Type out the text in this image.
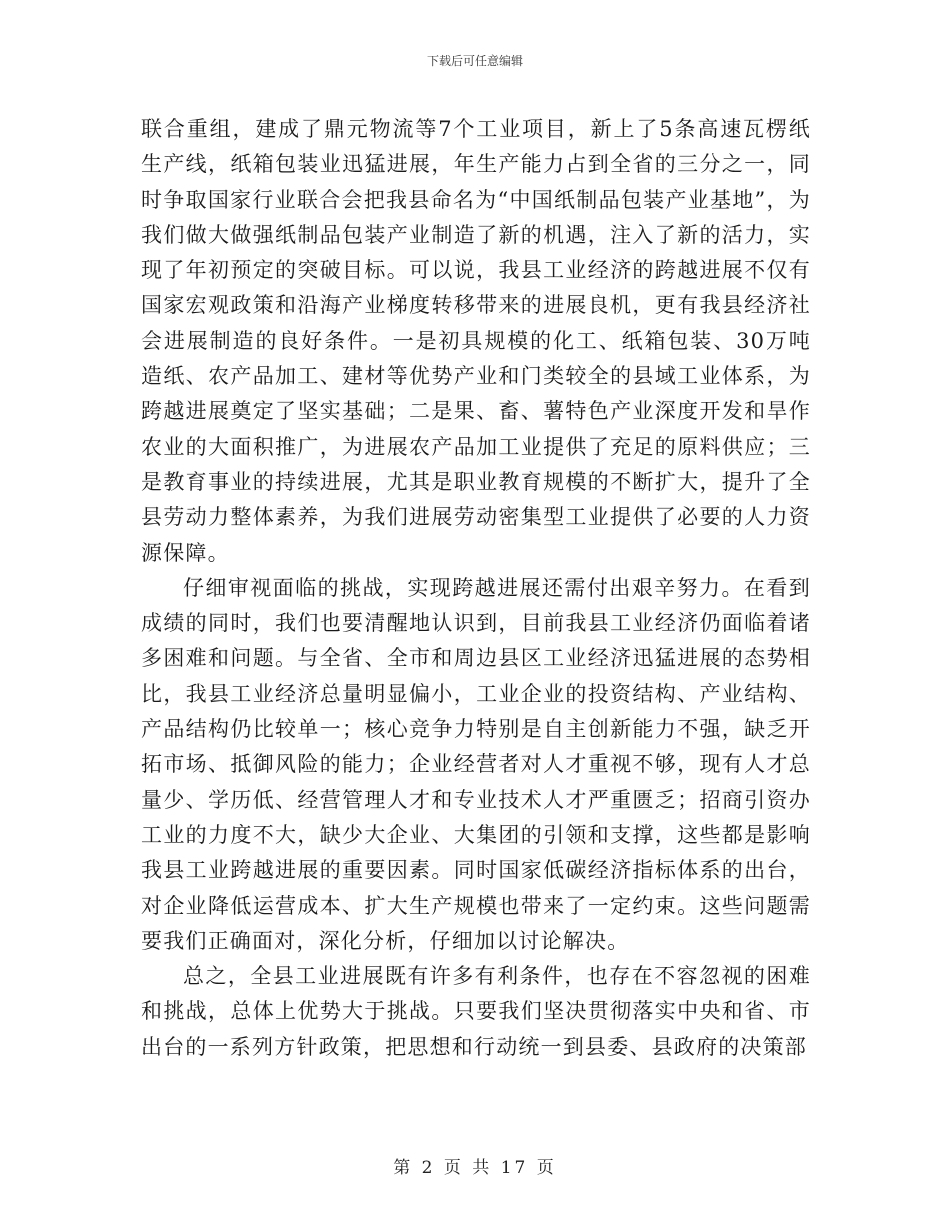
下载后可任意编辑

联合重组，建成了鼎元物流等7个工业项目，新上了5条高速瓦楞纸生产线，纸箱包装业迅猛进展，年生产能力占到全省的三分之一，同时争取国家行业联合会把我县命名为“中国纸制品包装产业基地”，为我们做大做强纸制品包装产业制造了新的机遇，注入了新的活力，实现了年初预定的突破目标。可以说，我县工业经济的跨越进展不仅有国家宏观政策和沿海产业梯度转移带来的进展良机，更有我县经济社会进展制造的良好条件。一是初具规模的化工、纸箱包装、30万吨造纸、农产品加工、建材等优势产业和门类较全的县域工业体系，为跨越进展奠定了坚实基础；二是果、畜、薯特色产业深度开发和旱作农业的大面积推广，为进展农产品加工业提供了充足的原料供应；三是教育事业的持续进展，尤其是职业教育规模的不断扩大，提升了全县劳动力整体素养，为我们进展劳动密集型工业提供了必要的人力资源保障。

仔细审视面临的挑战，实现跨越进展还需付出艰辛努力。在看到成绩的同时，我们也要清醒地认识到，目前我县工业经济仍面临着诸多困难和问题。与全省、全市和周边县区工业经济迅猛进展的态势相比，我县工业经济总量明显偏小，工业企业的投资结构、产业结构、产品结构仍比较单一；核心竞争力特别是自主创新能力不强，缺乏开拓市场、抵御风险的能力；企业经营者对人才重视不够，现有人才总量少、学历低、经营管理人才和专业技术人才严重匮乏；招商引资办工业的力度不大，缺少大企业、大集团的引领和支撑，这些都是影响我县工业跨越进展的重要因素。同时国家低碳经济指标体系的出台，对企业降低运营成本、扩大生产规模也带来了一定约束。这些问题需要我们正确面对，深化分析，仔细加以讨论解决。

总之，全县工业进展既有许多有利条件，也存在不容忽视的困难和挑战，总体上优势大于挑战。只要我们坚决贯彻落实中央和省、市出台的一系列方针政策，把思想和行动统一到县委、县政府的决策部

第 2 页 共 17 页
